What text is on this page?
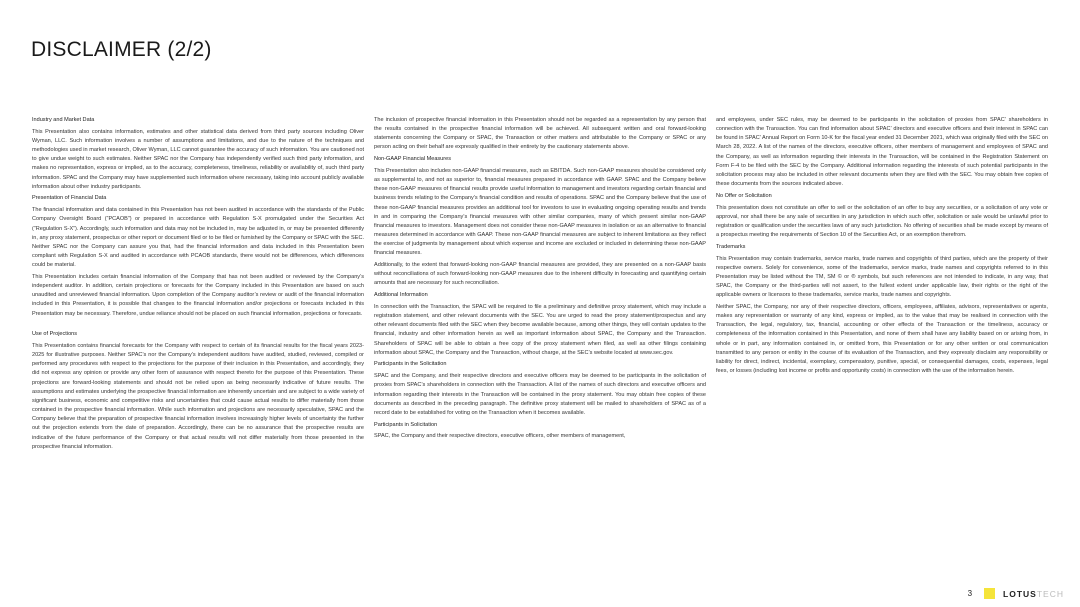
DISCLAIMER (2/2)
Industry and Market Data

This Presentation also contains information, estimates and other statistical data derived from third party sources including Oliver Wyman, LLC. Such information involves a number of assumptions and limitations, and due to the nature of the techniques and methodologies used in market research, Oliver Wyman, LLC cannot guarantee the accuracy of such information. You are cautioned not to give undue weight to such estimates. Neither SPAC nor the Company has independently verified such third party information, and makes no representation, express or implied, as to the accuracy, completeness, timeliness, reliability or availability of, such third party information. SPAC and the Company may have supplemented such information where necessary, taking into account publicly available information about other industry participants.

Presentation of Financial Data

The financial information and data contained in this Presentation has not been audited in accordance with the standards of the Public Company Oversight Board (“PCAOB”) or prepared in accordance with Regulation S-X promulgated under the Securities Act (“Regulation S-X”). Accordingly, such information and data may not be included in, may be adjusted in, or may be presented differently in, any proxy statement, prospectus or other report or document filed or to be filed or furnished by the Company or SPAC with the SEC. Neither SPAC nor the Company can assure you that, had the financial information and data included in this Presentation been compliant with Regulation S-X and audited in accordance with PCAOB standards, there would not be differences, which differences could be material.

This Presentation includes certain financial information of the Company that has not been audited or reviewed by the Company’s independent auditor. In addition, certain projections or forecasts for the Company included in this Presentation are based on such unaudited and unreviewed financial information. Upon completion of the Company auditor’s review or audit of the financial information included in this Presentation, it is possible that changes to the financial information and/or projections or forecasts included in this Presentation may be necessary. Therefore, undue reliance should not be placed on such financial information, projections or forecasts.

Use of Projections

This Presentation contains financial forecasts for the Company with respect to certain of its financial results for the fiscal years 2023-2025 for illustrative purposes. Neither SPAC’s nor the Company’s independent auditors have audited, studied, reviewed, compiled or performed any procedures with respect to the projections for the purpose of their inclusion in this Presentation, and accordingly, they did not express any opinion or provide any other form of assurance with respect thereto for the purpose of this Presentation. These projections are forward-looking statements and should not be relied upon as being necessarily indicative of future results. The assumptions and estimates underlying the prospective financial information are inherently uncertain and are subject to a wide variety of significant business, economic and competitive risks and uncertainties that could cause actual results to differ materially from those contained in the prospective financial information. While such information and projections are necessarily speculative, SPAC and the Company believe that the preparation of prospective financial information involves increasingly higher levels of uncertainty the further out the projection extends from the date of preparation. Accordingly, there can be no assurance that the prospective results are indicative of the future performance of the Company or that actual results will not differ materially from those presented in the prospective financial information.

The inclusion of prospective financial information in this Presentation should not be regarded as a representation by any person that the results contained in the prospective financial information will be achieved. All subsequent written and oral forward-looking statements concerning the Company or SPAC, the Transaction or other matters and attributable to the Company or SPAC or any person acting on their behalf are expressly qualified in their entirety by the cautionary statements above.

Non-GAAP Financial Measures

This Presentation also includes non-GAAP financial measures, such as EBITDA. Such non-GAAP measures should be considered only as supplemental to, and not as superior to, financial measures prepared in accordance with GAAP. SPAC and the Company believe these non-GAAP measures of financial results provide useful information to management and investors regarding certain financial and business trends relating to the Company’s financial condition and results of operations. SPAC and the Company believe that the use of these non-GAAP financial measures provides an additional tool for investors to use in evaluating ongoing operating results and trends in and in comparing the Company’s financial measures with other similar companies, many of which present similar non-GAAP financial measures to investors. Management does not consider these non-GAAP measures in isolation or as an alternative to financial measures determined in accordance with GAAP. These non-GAAP financial measures are subject to inherent limitations as they reflect the exercise of judgments by management about which expense and income are excluded or included in determining these non-GAAP financial measures.

Additionally, to the extent that forward-looking non-GAAP financial measures are provided, they are presented on a non-GAAP basis without reconciliations of such forward-looking non-GAAP measures due to the inherent difficulty in forecasting and quantifying certain amounts that are necessary for such reconciliation.

Additional Information

In connection with the Transaction, the SPAC will be required to file a preliminary and definitive proxy statement, which may include a registration statement, and other relevant documents with the SEC. You are urged to read the proxy statement/prospectus and any other relevant documents filed with the SEC when they become available because, among other things, they will contain updates to the financial, industry and other information herein as well as important information about SPAC, the Company and the Transaction. Shareholders of SPAC will be able to obtain a free copy of the proxy statement when filed, as well as other filings containing information about SPAC, the Company and the Transaction, without charge, at the SEC’s website located at www.sec.gov.

Participants in the Solicitation

SPAC and the Company, and their respective directors and executive officers may be deemed to be participants in the solicitation of proxies from SPAC’s shareholders in connection with the Transaction. A list of the names of such directors and executive officers and information regarding their interests in the Transaction will be contained in the proxy statement. You may obtain free copies of these documents as described in the preceding paragraph. The definitive proxy statement will be mailed to shareholders of SPAC as of a record date to be established for voting on the Transaction when it becomes available.

Participants in Solicitation

SPAC, the Company and their respective directors, executive officers, other members of management,

and employees, under SEC rules, may be deemed to be participants in the solicitation of proxies from SPAC’ shareholders in connection with the Transaction. You can find information about SPAC’ directors and executive officers and their interest in SPAC can be found in SPAC’ Annual Report on Form 10-K for the fiscal year ended 31 December 2021, which was originally filed with the SEC on March 28, 2022. A list of the names of the directors, executive officers, other members of management and employees of SPAC and the Company, as well as information regarding their interests in the Transaction, will be contained in the Registration Statement on Form F-4 to be filed with the SEC by the Company. Additional information regarding the interests of such potential participants in the solicitation process may also be included in other relevant documents when they are filed with the SEC. You may obtain free copies of these documents from the sources indicated above.

No Offer or Solicitation

This presentation does not constitute an offer to sell or the solicitation of an offer to buy any securities, or a solicitation of any vote or approval, nor shall there be any sale of securities in any jurisdiction in which such offer, solicitation or sale would be unlawful prior to registration or qualification under the securities laws of any such jurisdiction. No offering of securities shall be made except by means of a prospectus meeting the requirements of Section 10 of the Securities Act, or an exemption therefrom.

Trademarks

This Presentation may contain trademarks, service marks, trade names and copyrights of third parties, which are the property of their respective owners. Solely for convenience, some of the trademarks, service marks, trade names and copyrights referred to in this Presentation may be listed without the TM, SM © or ® symbols, but such references are not intended to indicate, in any way, that SPAC, the Company or the third-parties will not assert, to the fullest extent under applicable law, their rights or the right of the applicable owners or licensors to these trademarks, service marks, trade names and copyrights.

Neither SPAC, the Company, nor any of their respective directors, officers, employees, affiliates, advisors, representatives or agents, makes any representation or warranty of any kind, express or implied, as to the value that may be realised in connection with the Transaction, the legal, regulatory, tax, financial, accounting or other effects of the Transaction or the timeliness, accuracy or completeness of the information contained in this Presentation, and none of them shall have any liability based on or arising from, in whole or in part, any information contained in, or omitted from, this Presentation or for any other written or oral communication transmitted to any person or entity in the course of its evaluation of the Transaction, and they expressly disclaim any responsibility or liability for direct, indirect, incidental, exemplary, compensatory, punitive, special, or consequential damages, costs, expenses, legal fees, or losses (including lost income or profits and opportunity costs) in connection with the use of the information herein.

3	LOTUSTECH
